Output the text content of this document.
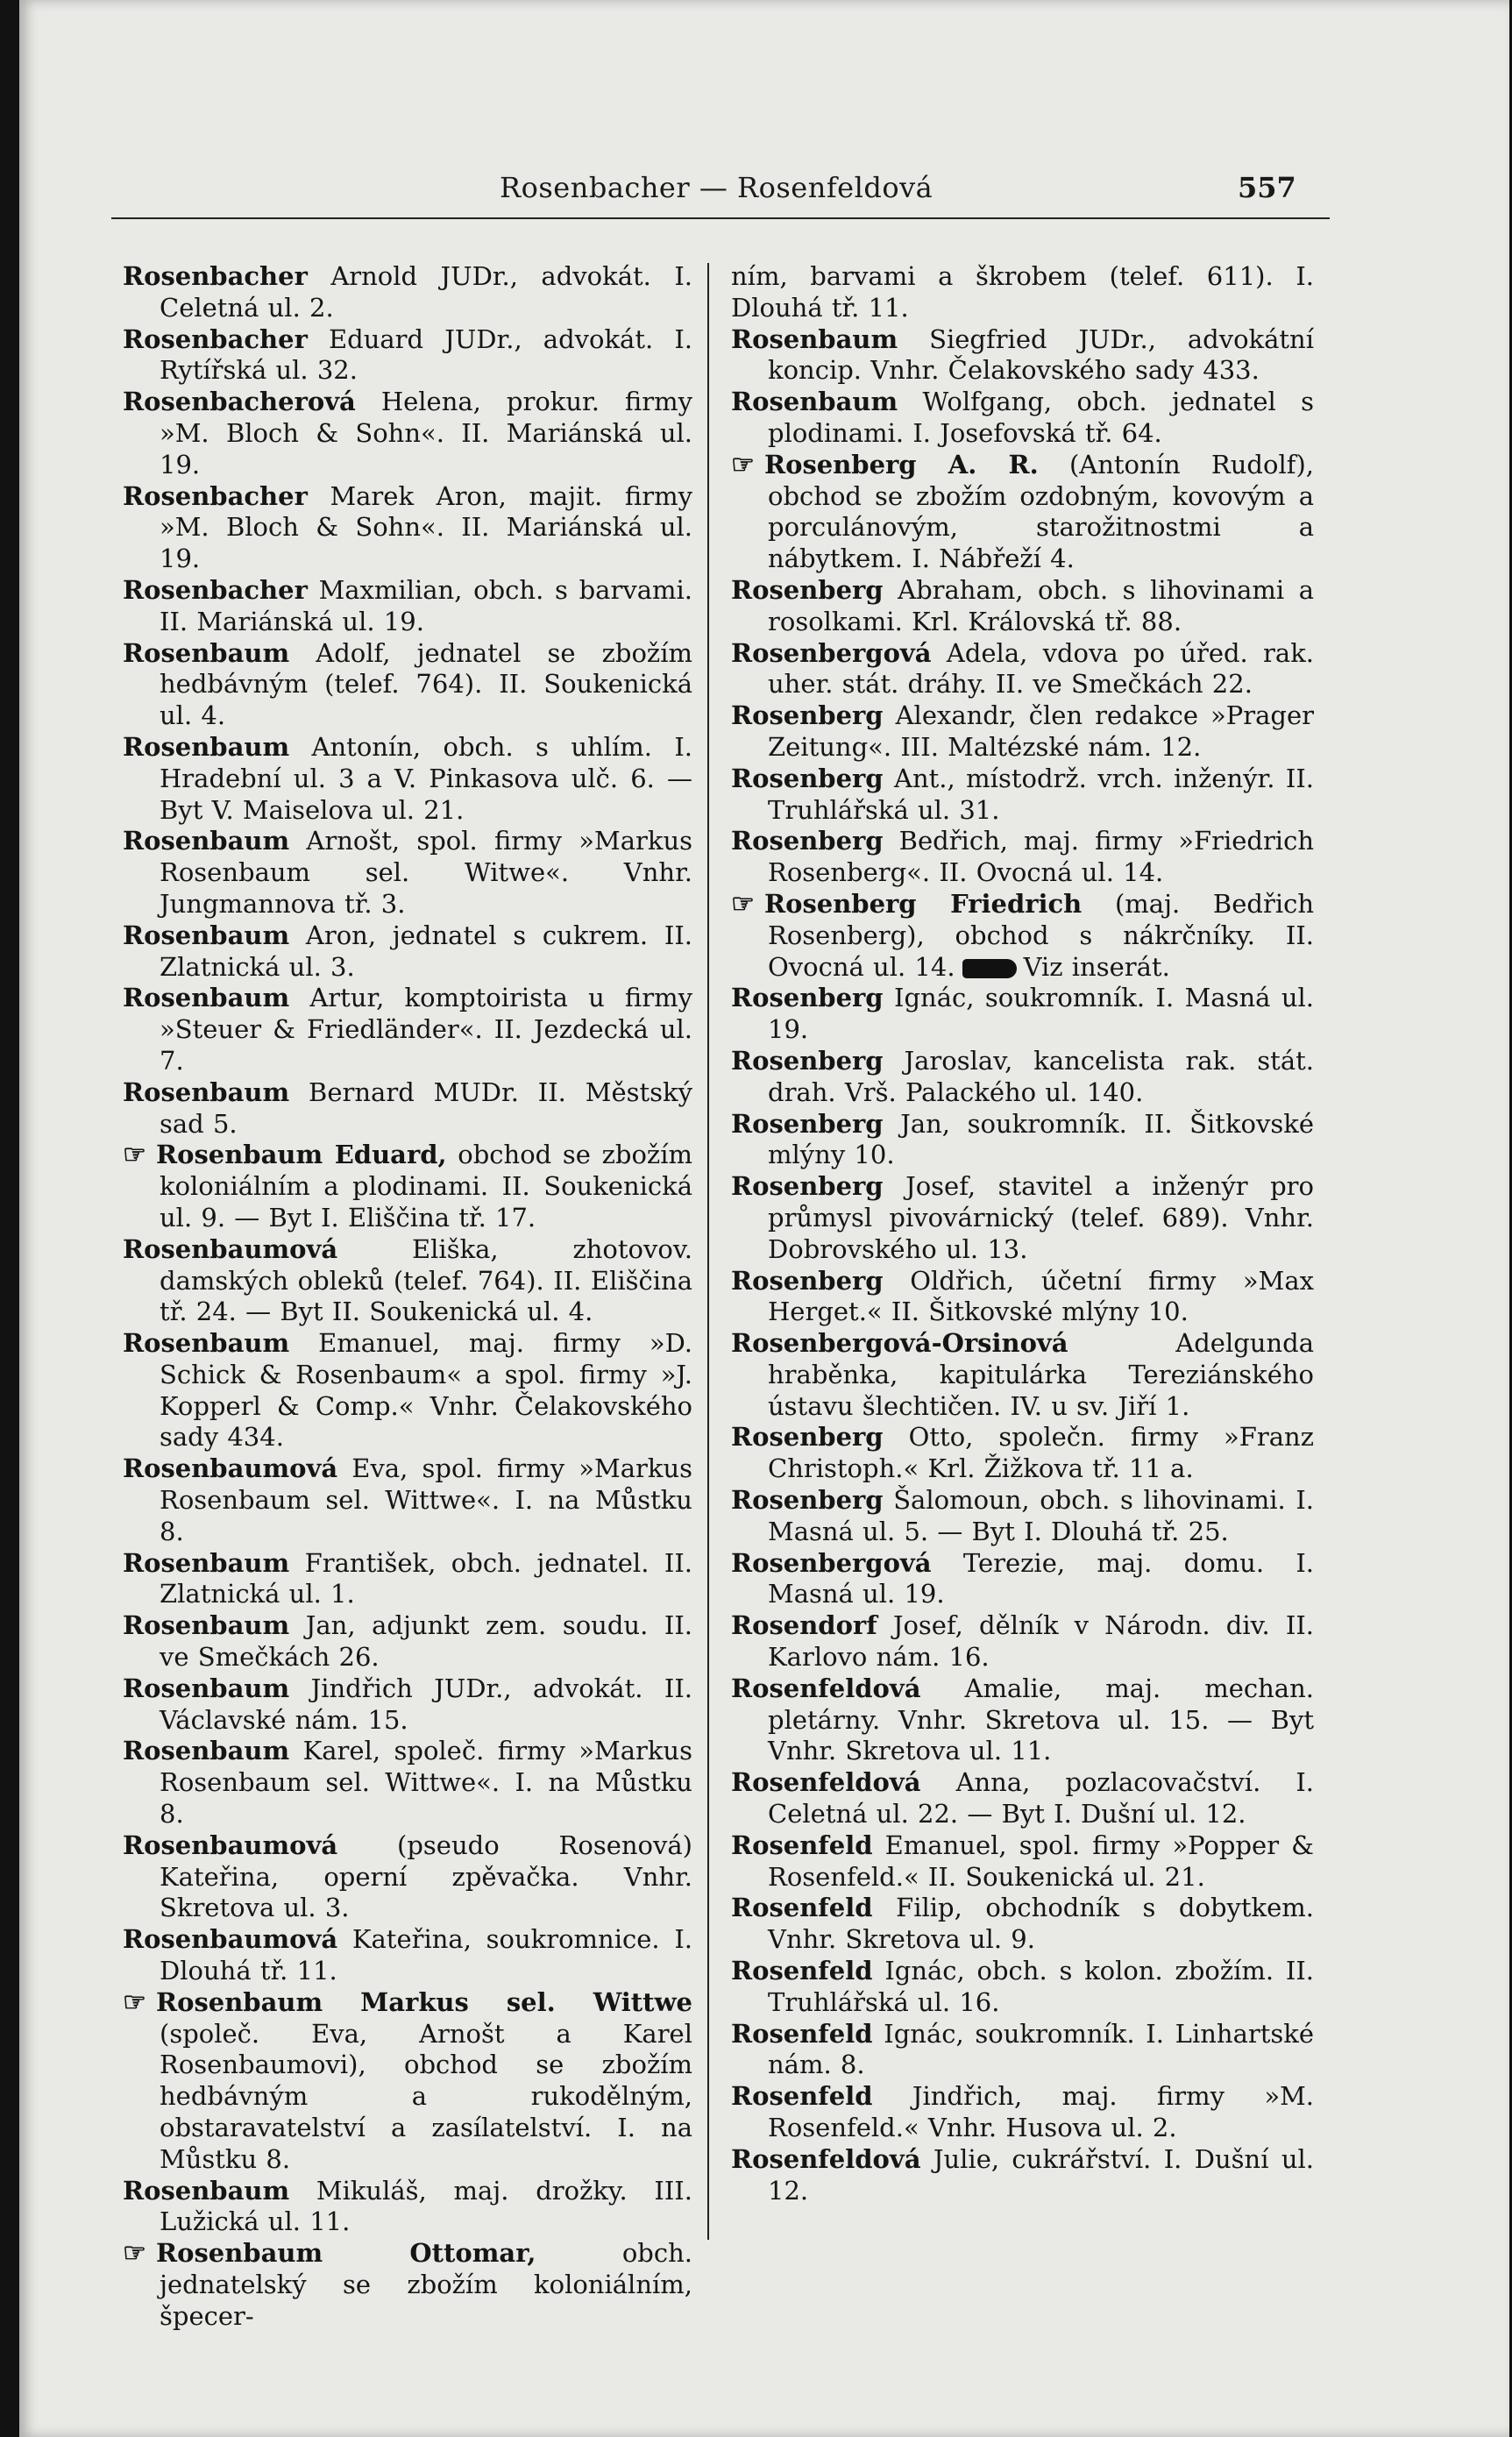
Rosenbacher — Rosenfeldová	557

Rosenbacher Arnold JUDr., advokát. I. Celetná ul. 2.

Rosenbacher Eduard JUDr., advokát. I. Rytířská ul. 32.

Rosenbacherová Helena, prokur. firmy »M. Bloch & Sohn«. II. Mariánská ul. 19.

Rosenbacher Marek Aron, majit. firmy »M. Bloch & Sohn«. II. Mariánská ul. 19.

Rosenbacher Maxmilian, obch. s barvami. II. Mariánská ul. 19.

Rosenbaum Adolf, jednatel se zbožím hedbávným (telef. 764). II. Soukenická ul. 4.

Rosenbaum Antonín, obch. s uhlím. I. Hradební ul. 3 a V. Pinkasova ulč. 6. — Byt V. Maiselova ul. 21.

Rosenbaum Arnošt, spol. firmy »Markus Rosenbaum sel. Witwe«. Vnhr. Jungmannova tř. 3.

Rosenbaum Aron, jednatel s cukrem. II. Zlatnická ul. 3.

Rosenbaum Artur, komptoirista u firmy »Steuer & Friedländer«. II. Jezdecká ul. 7.

Rosenbaum Bernard MUDr. II. Městský sad 5.

☞Rosenbaum Eduard, obchod se zbožím koloniálním a plodinami. II. Soukenická ul. 9. — Byt I. Eliščina tř. 17.

Rosenbaumová	Eliška, zhotovov. damských obleků (telef. 764). II. Eliščina tř. 24. — Byt II. Soukenická ul. 4.

Rosenbaum Emanuel, maj. firmy »D. Schick & Rosenbaum« a spol. firmy »J. Kopperl & Comp.« Vnhr. Čelakovského sady 434.

Rosenbaumová Eva, spol. firmy »Markus Rosenbaum sel. Wittwe«. I. na Můstku 8.

Rosenbaum František, obch. jednatel. II. Zlatnická ul. 1.

Rosenbaum Jan, adjunkt zem. soudu. II. ve Smečkách 26.

Rosenbaum Jindřich JUDr., advokát. II. Václavské nám. 15.

Rosenbaum Karel, společ. firmy »Markus Rosenbaum sel. Wittwe«. I. na Můstku 8.

Rosenbaumová (pseudo Rosenová) Kateřina, operní zpěvačka. Vnhr. Skretova ul. 3.

Rosenbaumová Kateřina, soukromnice. I. Dlouhá tř. 11.

☞Rosenbaum Markus sel. Wittwe (společ. Eva, Arnošt a Karel Rosenbaumovi), obchod se zbožím hedbávným a rukodělným, obstaravatelství a zasílatelství. I. na Můstku 8.

Rosenbaum Mikuláš, maj. drožky. III. Lužická ul. 11.

☞Rosenbaum Ottomar,	obch. jednatelský se zbožím koloniálním, špecer-

ním, barvami a škrobem (telef. 611). I. Dlouhá tř. 11.

Rosenbaum Siegfried JUDr., advokátní koncip. Vnhr. Čelakovského sady 433.

Rosenbaum Wolfgang, obch. jednatel s plodinami. I. Josefovská tř. 64.

☞Rosenberg A. R. (Antonín Rudolf), obchod se zbožím ozdobným, kovovým a porculánovým, starožitnostmi a nábytkem. I. Nábřeží 4.

Rosenberg Abraham, obch. s lihovinami a rosolkami. Krl. Královská tř. 88.

Rosenbergová Adela, vdova po úřed. rak. uher. stát. dráhy. II. ve Smečkách 22.

Rosenberg Alexandr, člen redakce »Prager Zeitung«. III. Maltézské nám. 12.

Rosenberg Ant., místodrž. vrch. inženýr. II. Truhlářská ul. 31.

Rosenberg Bedřich, maj. firmy »Friedrich Rosenberg«. II. Ovocná ul. 14.

☞Rosenberg Friedrich (maj. Bedřich Rosenberg), obchod s nákrčníky. II. Ovocná ul. 14.	Viz inserát.

Rosenberg Ignác, soukromník. I. Masná ul. 19.

Rosenberg Jaroslav, kancelista rak. stát. drah. Vrš. Palackého ul. 140.

Rosenberg Jan, soukromník. II. Šitkovské mlýny 10.

Rosenberg Josef, stavitel a inženýr pro průmysl pivovárnický (telef. 689). Vnhr. Dobrovského ul. 13.

Rosenberg Oldřich, účetní firmy »Max Herget.« II. Šitkovské mlýny 10.

Rosenbergová-Orsinová	Adelgunda hraběnka, kapitulárka Tereziánského ústavu šlechtičen. IV. u sv. Jiří 1.

Rosenberg Otto, společn. firmy »Franz Christoph.« Krl. Žižkova tř. 11 a.

Rosenberg Šalomoun, obch. s lihovinami. I. Masná ul. 5. — Byt I. Dlouhá tř. 25.

Rosenbergová Terezie, maj. domu. I. Masná ul. 19.

Rosendorf Josef, dělník v Národn. div. II. Karlovo nám. 16.

Rosenfeldová Amalie, maj. mechan. pletárny. Vnhr. Skretova ul. 15. — Byt Vnhr. Skretova ul. 11.

Rosenfeldová Anna, pozlacovačství. I. Celetná ul. 22. — Byt I. Dušní ul. 12.

Rosenfeld Emanuel, spol. firmy »Popper & Rosenfeld.« II. Soukenická ul. 21.

Rosenfeld Filip, obchodník s dobytkem. Vnhr. Skretova ul. 9.

Rosenfeld Ignác, obch. s kolon. zbožím. II. Truhlářská ul. 16.

Rosenfeld Ignác, soukromník. I. Linhartské nám. 8.

Rosenfeld Jindřich, maj. firmy »M. Rosenfeld.« Vnhr. Husova ul. 2.

Rosenfeldová Julie, cukrářství. I. Dušní ul. 12.
